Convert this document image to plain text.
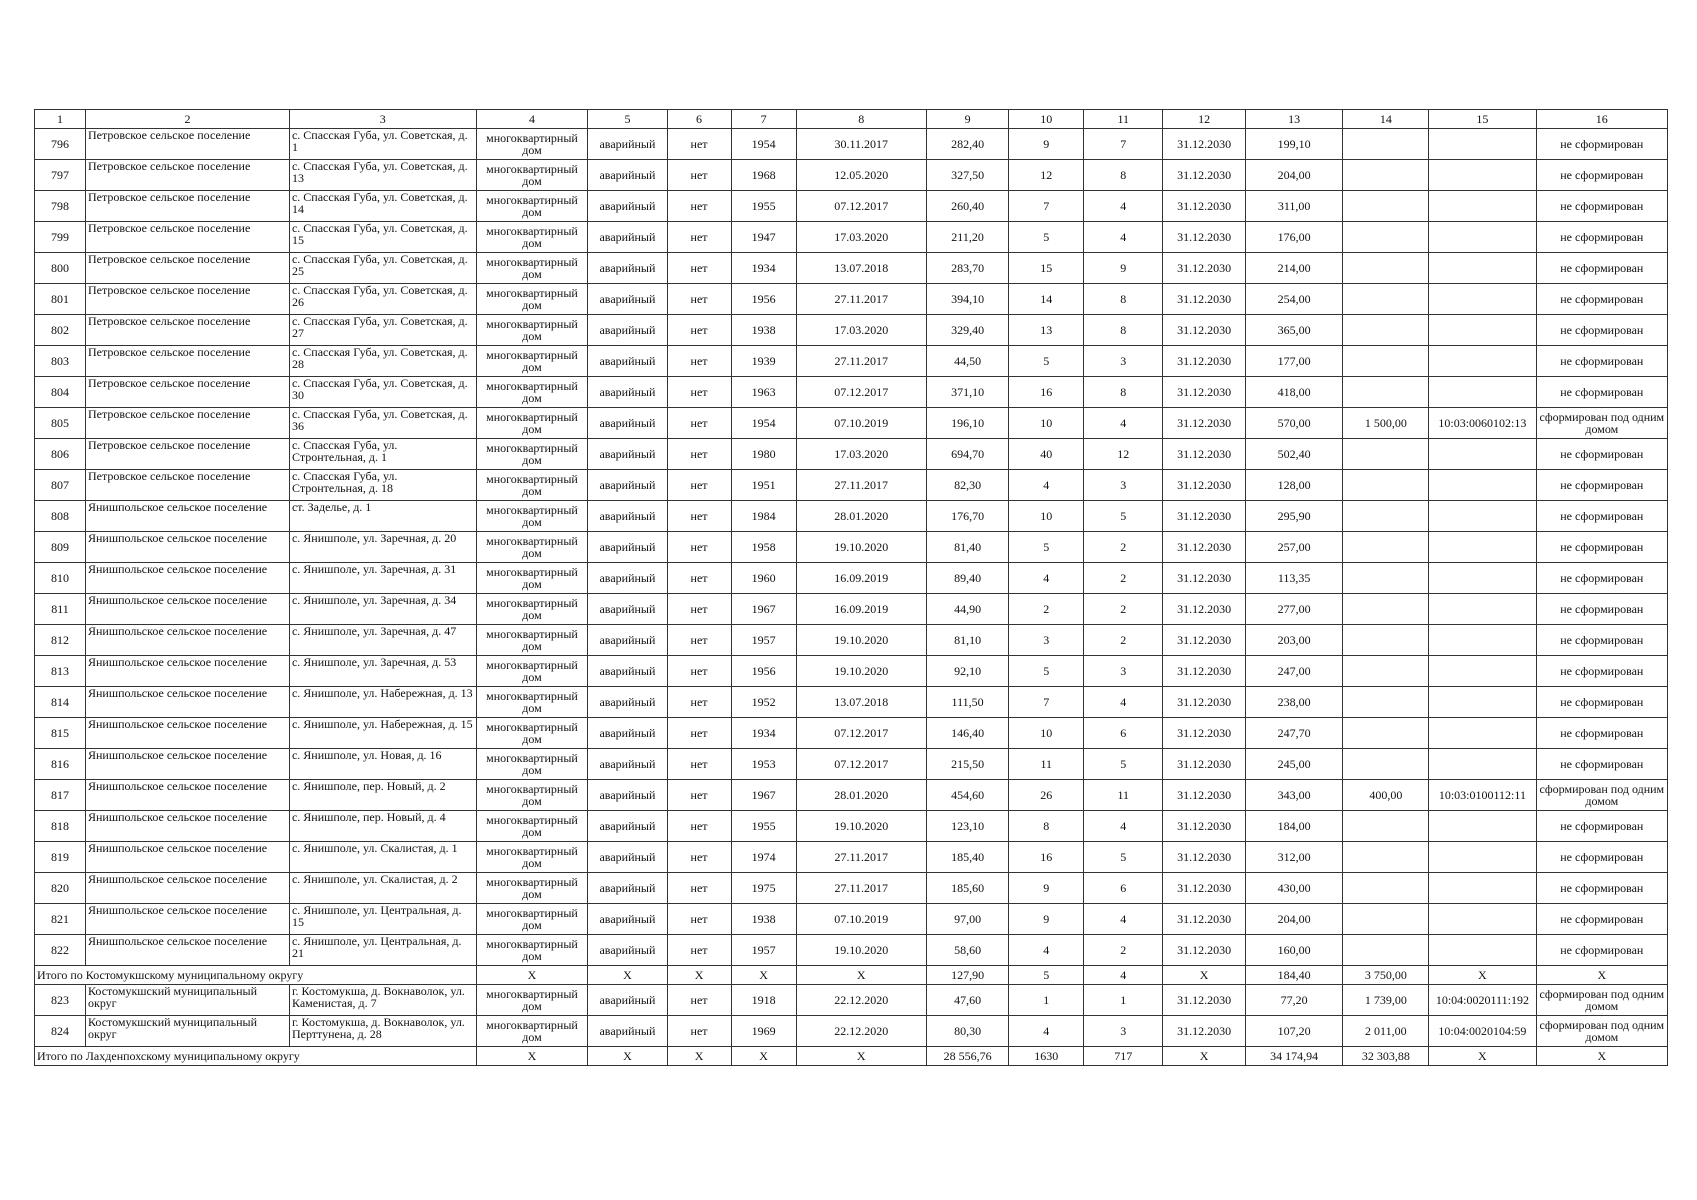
1	2	3	4	5	6	7	8	9	10	11	12	13	14	15	16
796	Петровское сельское поселение	с. Спасская Губа, ул. Советская, д. 1	многоквартирный дом	аварийный	нет	1954	30.11.2017	282,40	9	7	31.12.2030	199,10			не сформирован
797	Петровское сельское поселение	с. Спасская Губа, ул. Советская, д. 13	многоквартирный дом	аварийный	нет	1968	12.05.2020	327,50	12	8	31.12.2030	204,00			не сформирован
798	Петровское сельское поселение	с. Спасская Губа, ул. Советская, д. 14	многоквартирный дом	аварийный	нет	1955	07.12.2017	260,40	7	4	31.12.2030	311,00			не сформирован
799	Петровское сельское поселение	с. Спасская Губа, ул. Советская, д. 15	многоквартирный дом	аварийный	нет	1947	17.03.2020	211,20	5	4	31.12.2030	176,00			не сформирован
800	Петровское сельское поселение	с. Спасская Губа, ул. Советская, д. 25	многоквартирный дом	аварийный	нет	1934	13.07.2018	283,70	15	9	31.12.2030	214,00			не сформирован
801	Петровское сельское поселение	с. Спасская Губа, ул. Советская, д. 26	многоквартирный дом	аварийный	нет	1956	27.11.2017	394,10	14	8	31.12.2030	254,00			не сформирован
802	Петровское сельское поселение	с. Спасская Губа, ул. Советская, д. 27	многоквартирный дом	аварийный	нет	1938	17.03.2020	329,40	13	8	31.12.2030	365,00			не сформирован
803	Петровское сельское поселение	с. Спасская Губа, ул. Советская, д. 28	многоквартирный дом	аварийный	нет	1939	27.11.2017	44,50	5	3	31.12.2030	177,00			не сформирован
804	Петровское сельское поселение	с. Спасская Губа, ул. Советская, д. 30	многоквартирный дом	аварийный	нет	1963	07.12.2017	371,10	16	8	31.12.2030	418,00			не сформирован
805	Петровское сельское поселение	с. Спасская Губа, ул. Советская, д. 36	многоквартирный дом	аварийный	нет	1954	07.10.2019	196,10	10	4	31.12.2030	570,00	1 500,00	10:03:0060102:13	сформирован под одним домом
806	Петровское сельское поселение	с. Спасская Губа, ул. Стронтельная, д. 1	многоквартирный дом	аварийный	нет	1980	17.03.2020	694,70	40	12	31.12.2030	502,40			не сформирован
807	Петровское сельское поселение	с. Спасская Губа, ул. Стронтельная, д. 18	многоквартирный дом	аварийный	нет	1951	27.11.2017	82,30	4	3	31.12.2030	128,00			не сформирован
808	Янишпольское сельское поселение	ст. Задельe, д. 1	многоквартирный дом	аварийный	нет	1984	28.01.2020	176,70	10	5	31.12.2030	295,90			не сформирован
809	Янишпольское сельское поселение	с. Янишполе, ул. Заречная, д. 20	многоквартирный дом	аварийный	нет	1958	19.10.2020	81,40	5	2	31.12.2030	257,00			не сформирован
810	Янишпольское сельское поселение	с. Янишполе, ул. Заречная, д. 31	многоквартирный дом	аварийный	нет	1960	16.09.2019	89,40	4	2	31.12.2030	113,35			не сформирован
811	Янишпольское сельское поселение	с. Янишполе, ул. Заречная, д. 34	многоквартирный дом	аварийный	нет	1967	16.09.2019	44,90	2	2	31.12.2030	277,00			не сформирован
812	Янишпольское сельское поселение	с. Янишполе, ул. Заречная, д. 47	многоквартирный дом	аварийный	нет	1957	19.10.2020	81,10	3	2	31.12.2030	203,00			не сформирован
813	Янишпольское сельское поселение	с. Янишполе, ул. Заречная, д. 53	многоквартирный дом	аварийный	нет	1956	19.10.2020	92,10	5	3	31.12.2030	247,00			не сформирован
814	Янишпольское сельское поселение	с. Янишполе, ул. Набережная, д. 13	многоквартирный дом	аварийный	нет	1952	13.07.2018	111,50	7	4	31.12.2030	238,00			не сформирован
815	Янишпольское сельское поселение	с. Янишполе, ул. Набережная, д. 15	многоквартирный дом	аварийный	нет	1934	07.12.2017	146,40	10	6	31.12.2030	247,70			не сформирован
816	Янишпольское сельское поселение	с. Янишполе, ул. Новая, д. 16	многоквартирный дом	аварийный	нет	1953	07.12.2017	215,50	11	5	31.12.2030	245,00			не сформирован
817	Янишпольское сельское поселение	с. Янишполе, пер. Новый, д. 2	многоквартирный дом	аварийный	нет	1967	28.01.2020	454,60	26	11	31.12.2030	343,00	400,00	10:03:0100112:11	сформирован под одним домом
818	Янишпольское сельское поселение	с. Янишполе, пер. Новый, д. 4	многоквартирный дом	аварийный	нет	1955	19.10.2020	123,10	8	4	31.12.2030	184,00			не сформирован
819	Янишпольское сельское поселение	с. Янишполе, ул. Скалистая, д. 1	многоквартирный дом	аварийный	нет	1974	27.11.2017	185,40	16	5	31.12.2030	312,00			не сформирован
820	Янишпольское сельское поселение	с. Янишполе, ул. Скалистая, д. 2	многоквартирный дом	аварийный	нет	1975	27.11.2017	185,60	9	6	31.12.2030	430,00			не сформирован
821	Янишпольское сельское поселение	с. Янишполе, ул. Центральная, д. 15	многоквартирный дом	аварийный	нет	1938	07.10.2019	97,00	9	4	31.12.2030	204,00			не сформирован
822	Янишпольское сельское поселение	с. Янишполе, ул. Центральная, д. 21	многоквартирный дом	аварийный	нет	1957	19.10.2020	58,60	4	2	31.12.2030	160,00			не сформирован
Итого по Костомукшскому муниципальному округу			X	X	X	X	X	127,90	5	4	X	184,40	3 750,00	X	X
823	Костомукшский муниципальный округ	г. Костомукша, д. Вокнаволок, ул. Каменистая, д. 7	многоквартирный дом	аварийный	нет	1918	22.12.2020	47,60	1	1	31.12.2030	77,20	1 739,00	10:04:0020111:192	сформирован под одним домом
824	Костомукшский муниципальный округ	г. Костомукша, д. Вокнаволок, ул. Перттунена, д. 28	многоквартирный дом	аварийный	нет	1969	22.12.2020	80,30	4	3	31.12.2030	107,20	2 011,00	10:04:0020104:59	сформирован под одним домом
Итого по Лахденпохскому муниципальному округу			X	X	X	X	X	28 556,76	1630	717	X	34 174,94	32 303,88	X	X
